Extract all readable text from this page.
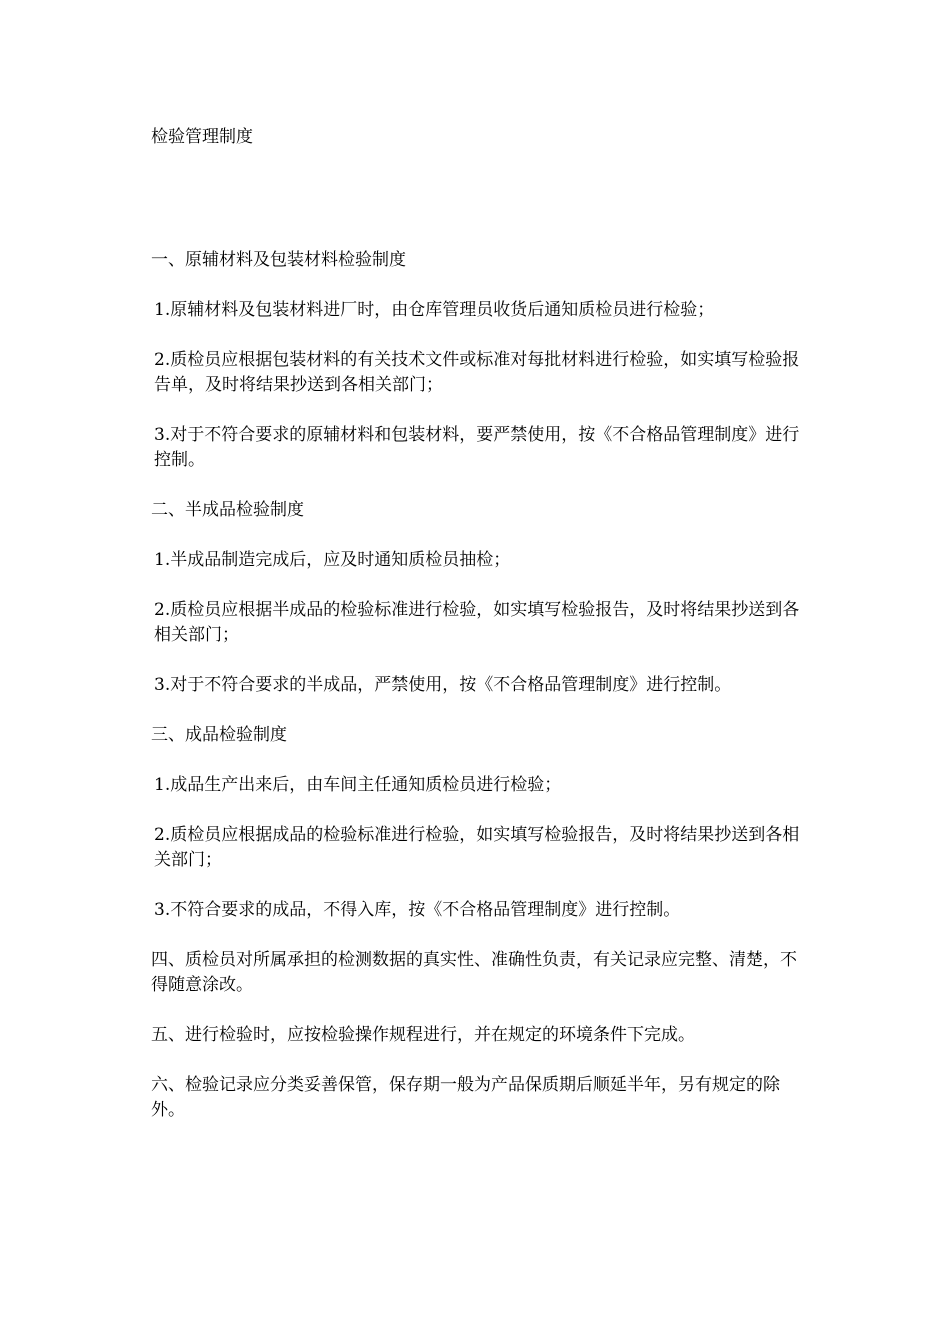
检验管理制度

一、原辅材料及包装材料检验制度

1.原辅材料及包装材料进厂时，由仓库管理员收货后通知质检员进行检验；

2.质检员应根据包装材料的有关技术文件或标准对每批材料进行检验，如实填写检验报告单，及时将结果抄送到各相关部门；

3.对于不符合要求的原辅材料和包装材料，要严禁使用，按《不合格品管理制度》进行控制。

二、半成品检验制度

1.半成品制造完成后，应及时通知质检员抽检；

2.质检员应根据半成品的检验标准进行检验，如实填写检验报告，及时将结果抄送到各相关部门；

3.对于不符合要求的半成品，严禁使用，按《不合格品管理制度》进行控制。

三、成品检验制度

1.成品生产出来后，由车间主任通知质检员进行检验；

2.质检员应根据成品的检验标准进行检验，如实填写检验报告，及时将结果抄送到各相关部门；

3.不符合要求的成品，不得入库，按《不合格品管理制度》进行控制。

四、质检员对所属承担的检测数据的真实性、准确性负责，有关记录应完整、清楚，不得随意涂改。

五、进行检验时，应按检验操作规程进行，并在规定的环境条件下完成。

六、检验记录应分类妥善保管，保存期一般为产品保质期后顺延半年，另有规定的除外。
